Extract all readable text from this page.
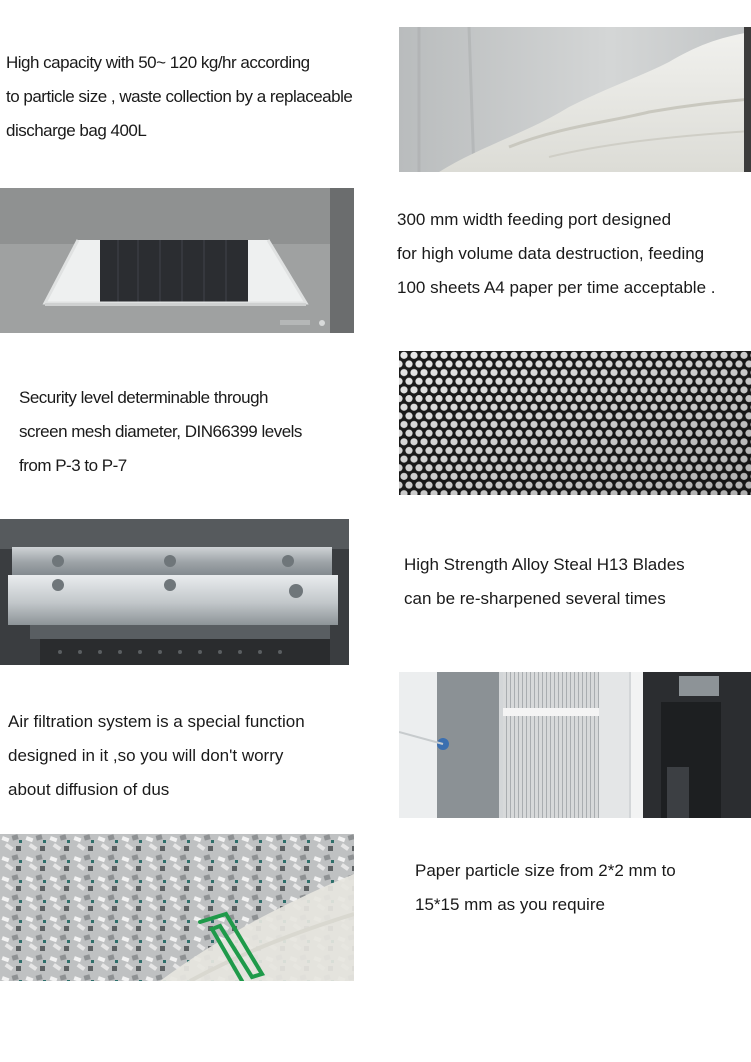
High capacity with 50~ 120 kg/hr according

to particle size , waste collection by a replaceable

discharge bag 400L

300 mm width feeding port designed

for high volume data destruction, feeding

100 sheets A4 paper per time acceptable .

Security level determinable through

screen mesh diameter, DIN66399 levels

from P-3 to P-7

High Strength Alloy Steal H13 Blades

can be re-sharpened several times

Air filtration system is a special function

designed in it ,so you will don't worry

about diffusion of dus

Paper particle size from 2*2 mm to

15*15 mm as you require
